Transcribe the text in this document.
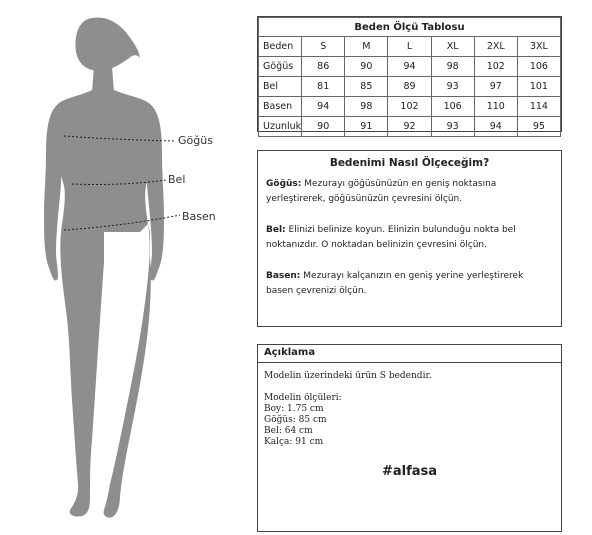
Göğüs
Bel
Basen
Beden Ölçü Tablosu						
Beden	S	M	L	XL	2XL	3XL
Göğüs	86	90	94	98	102	106
Bel	81	85	89	93	97	101
Basen	94	98	102	106	110	114
Uzunluk	90	91	92	93	94	95
Bedenimi Nasıl Ölçeceğim?

Göğüs: Mezurayı göğüsünüzün en geniş noktasına yerleştirerek, göğüsünüzün çevresini ölçün.

Bel: Elinizi belinize koyun. Elinizin bulunduğu nokta bel noktanızdır. O noktadan belinizin çevresini ölçün.

Basen: Mezurayı kalçanızın en geniş yerine yerleştirerek basen çevrenizi ölçün.

Açıklama

Modelin üzerindeki ürün S bedendir.

Modelin ölçüleri:

Boy: 1.75 cm

Göğüs: 85 cm

Bel: 64 cm

Kalça: 91 cm

#alfasa
